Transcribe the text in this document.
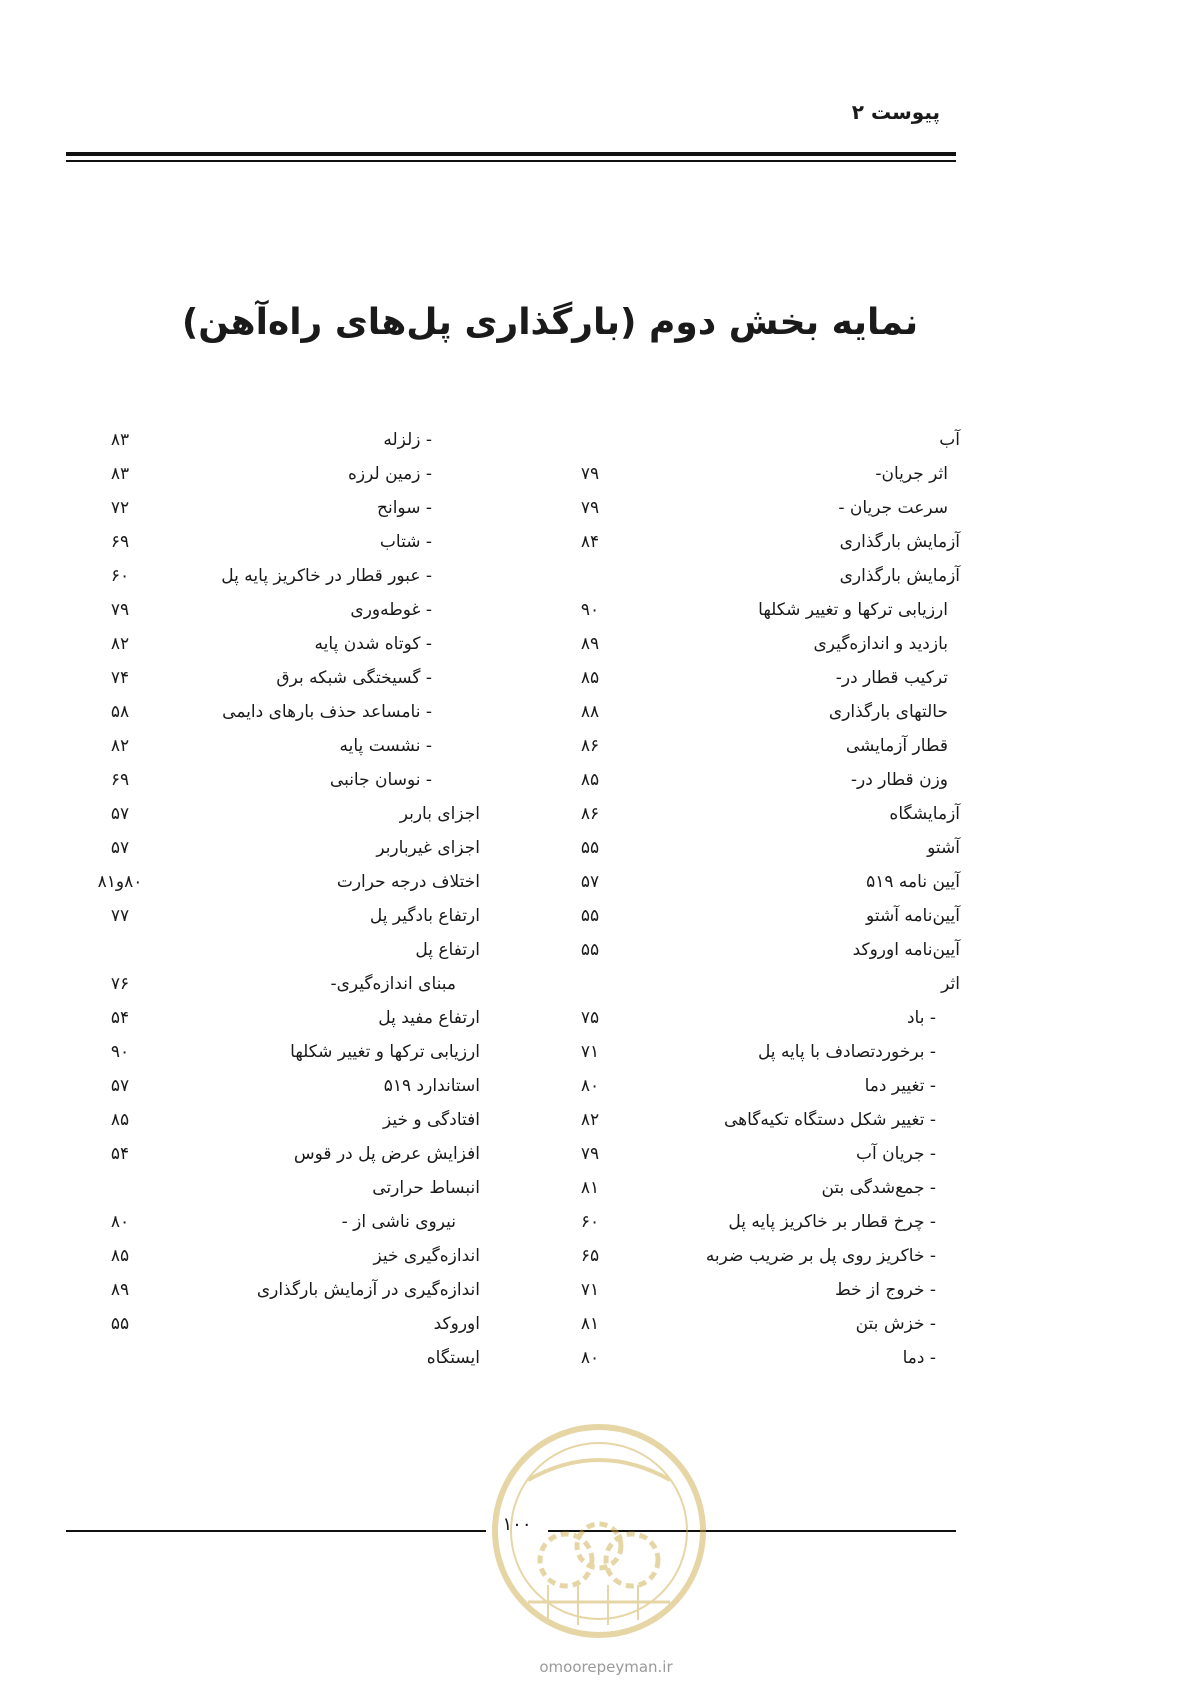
پیوست ۲
نمایه بخش دوم (بارگذاری پل‌های راه‌آهن)
آب
اثر جریان-
۷۹
سرعت جریان -
۷۹
آزمایش بارگذاری
۸۴
آزمایش بارگذاری
ارزیابی ترکها و تغییر شکلها
۹۰
بازدید و اندازه‌گیری
۸۹
ترکیب قطار در-
۸۵
حالتهای بارگذاری
۸۸
قطار آزمایشی
۸۶
وزن قطار در-
۸۵
آزمایشگاه
۸۶
آشتو
۵۵
آیین نامه ۵۱۹
۵۷
آیین‌نامه آشتو
۵۵
آیین‌نامه اوروکد
۵۵
اثر
- باد
۷۵
- برخوردتصادف با پایه پل
۷۱
- تغییر دما
۸۰
- تغییر شکل دستگاه تکیه‌گاهی
۸۲
- جریان آب
۷۹
- جمع‌شدگی بتن
۸۱
- چرخ قطار بر خاکریز پایه پل
۶۰
- خاکریز روی پل بر ضریب ضربه
۶۵
- خروج از خط
۷۱
- خزش بتن
۸۱
- دما
۸۰
- زلزله
۸۳
- زمین لرزه
۸۳
- سوانح
۷۲
- شتاب
۶۹
- عبور قطار در خاکریز پایه پل
۶۰
- غوطه‌وری
۷۹
- کوتاه شدن پایه
۸۲
- گسیختگی شبکه برق
۷۴
- نامساعد حذف بارهای دایمی
۵۸
- نشست پایه
۸۲
- نوسان جانبی
۶۹
اجزای باربر
۵۷
اجزای غیرباربر
۵۷
اختلاف درجه حرارت
۸۰و۸۱
ارتفاع بادگیر پل
۷۷
ارتفاع پل
مبنای اندازه‌گیری-
۷۶
ارتفاع مفید پل
۵۴
ارزیابی ترکها و تغییر شکلها
۹۰
استاندارد ۵۱۹
۵۷
افتادگی و خیز
۸۵
افزایش عرض پل در قوس
۵۴
انبساط حرارتی
نیروی ناشی از -
۸۰
اندازه‌گیری خیز
۸۵
اندازه‌گیری در آزمایش بارگذاری
۸۹
اوروکد
۵۵
ایستگاه
۱۰۰
omoorepeyman.ir
